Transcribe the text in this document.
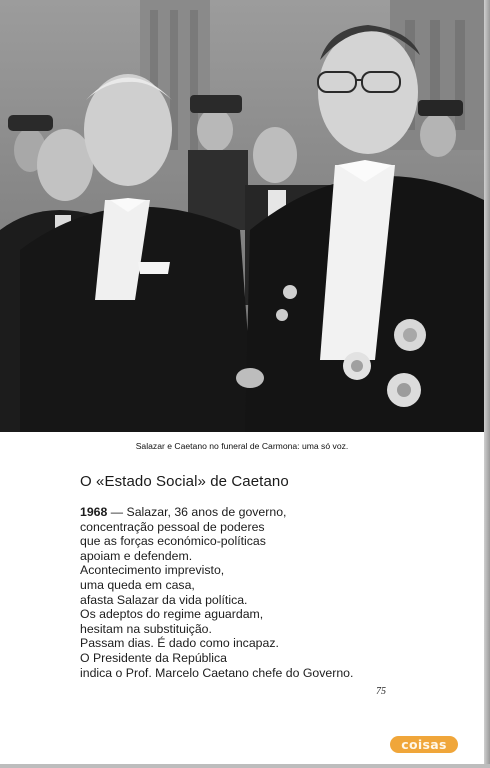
Salazar e Caetano no funeral de Carmona: uma só voz.
O «Estado Social» de Caetano
1968 — Salazar, 36 anos de governo,
concentração pessoal de poderes
que as forças económico-políticas
apoiam e defendem.
Acontecimento imprevisto,
uma queda em casa,
afasta Salazar da vida política.
Os adeptos do regime aguardam,
hesitam na substituição.
Passam dias. É dado como incapaz.
O Presidente da República
indica o Prof. Marcelo Caetano chefe do Governo.
75
coisas
